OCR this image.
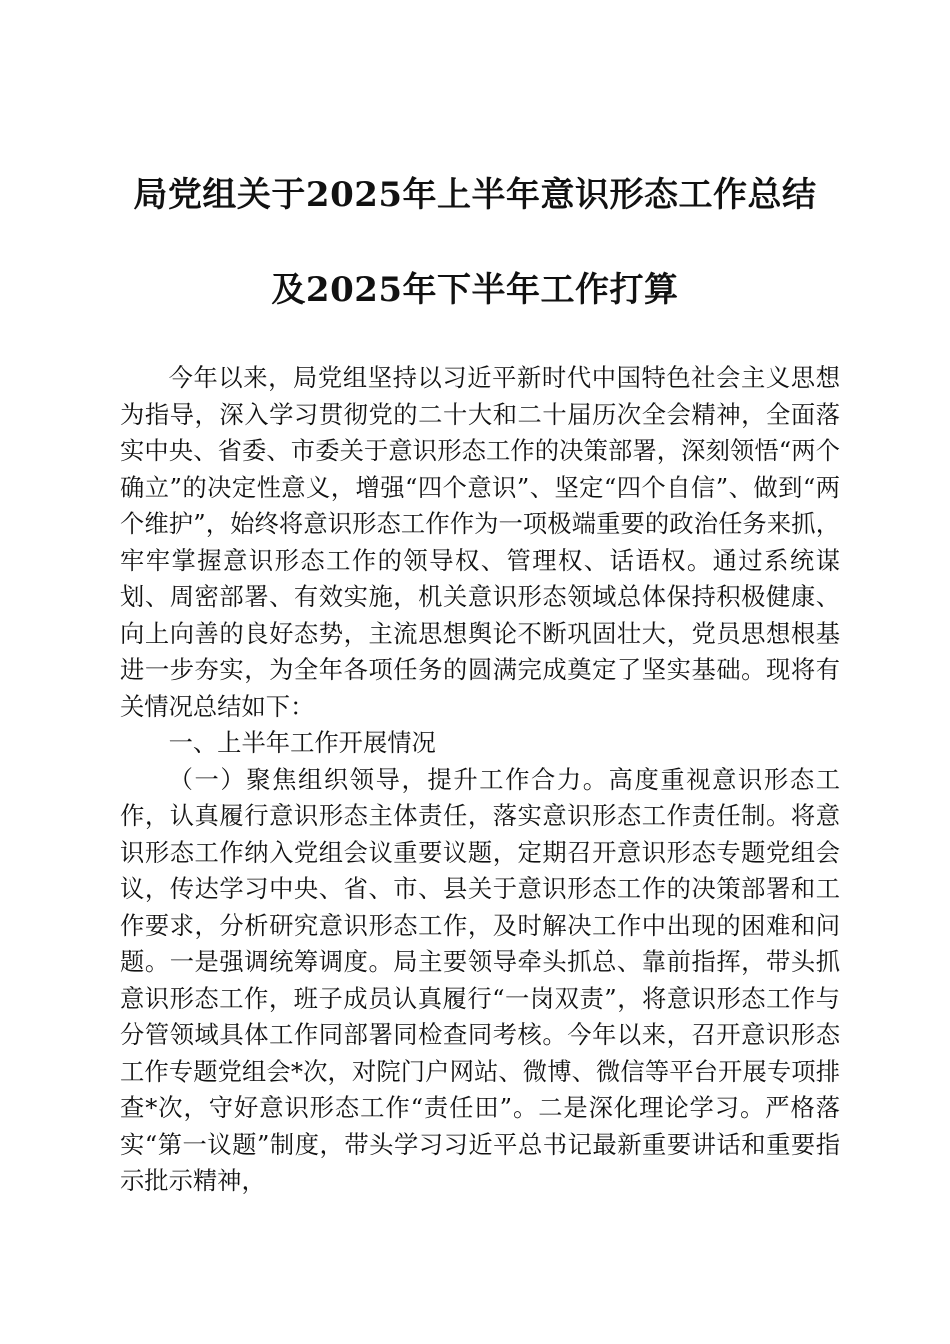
局党组关于2025年上半年意识形态工作总结
及2025年下半年工作打算

今年以来，局党组坚持以习近平新时代中国特色社会主义思想为指导，深入学习贯彻党的二十大和二十届历次全会精神，全面落实中央、省委、市委关于意识形态工作的决策部署，深刻领悟“两个确立”的决定性意义，增强“四个意识”、坚定“四个自信”、做到“两个维护”，始终将意识形态工作作为一项极端重要的政治任务来抓，牢牢掌握意识形态工作的领导权、管理权、话语权。通过系统谋划、周密部署、有效实施，机关意识形态领域总体保持积极健康、向上向善的良好态势，主流思想舆论不断巩固壮大，党员思想根基进一步夯实，为全年各项任务的圆满完成奠定了坚实基础。现将有关情况总结如下：

一、上半年工作开展情况

（一）聚焦组织领导，提升工作合力。高度重视意识形态工作，认真履行意识形态主体责任，落实意识形态工作责任制。将意识形态工作纳入党组会议重要议题，定期召开意识形态专题党组会议，传达学习中央、省、市、县关于意识形态工作的决策部署和工作要求，分析研究意识形态工作，及时解决工作中出现的困难和问题。一是强调统筹调度。局主要领导牵头抓总、靠前指挥，带头抓意识形态工作，班子成员认真履行“一岗双责”，将意识形态工作与分管领域具体工作同部署同检查同考核。今年以来，召开意识形态工作专题党组会*次，对院门户网站、微博、微信等平台开展专项排查*次，守好意识形态工作“责任田”。二是深化理论学习。严格落实“第一议题”制度，带头学习习近平总书记最新重要讲话和重要指示批示精神，
